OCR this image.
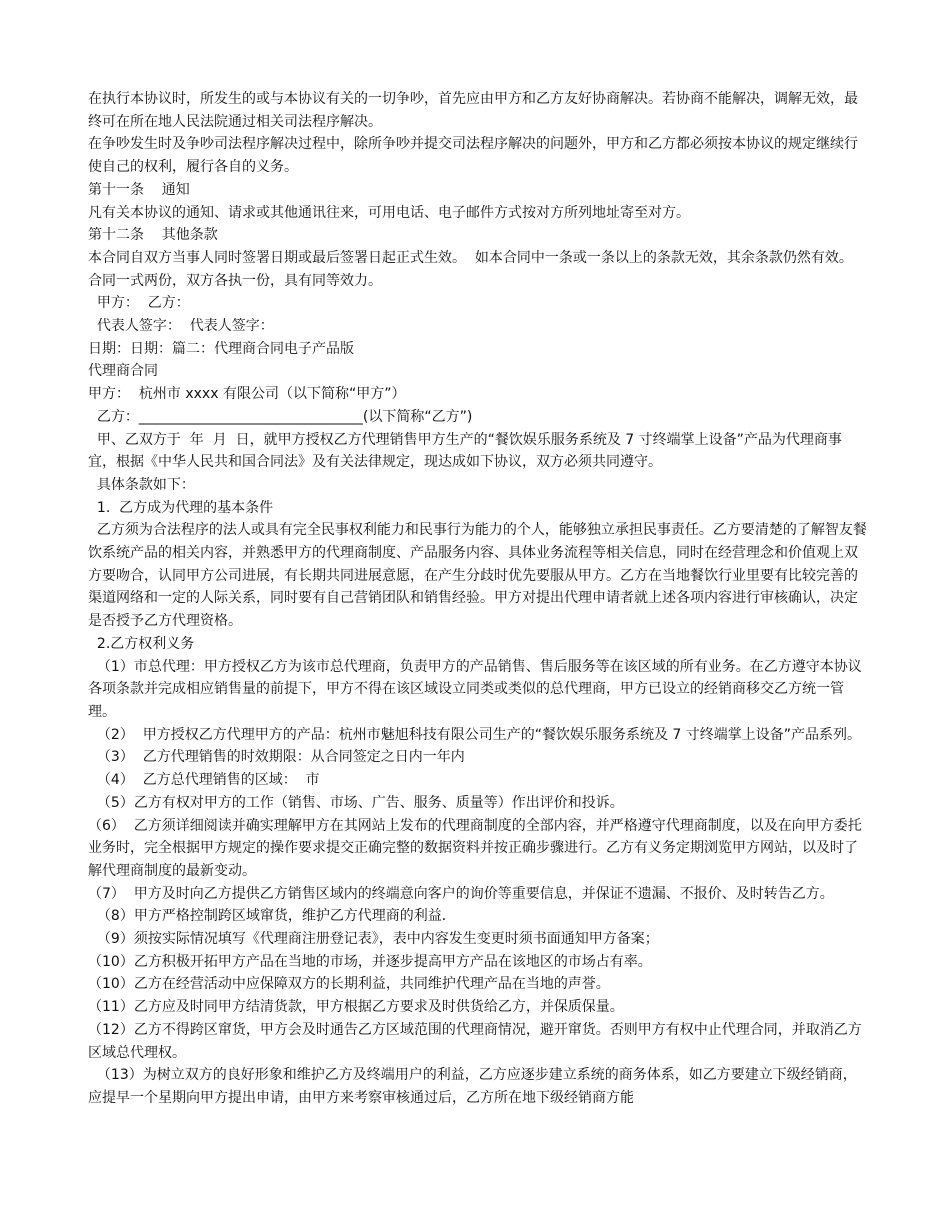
在执行本协议时，所发生的或与本协议有关的一切争吵，首先应由甲方和乙方友好协商解决。若协商不能解决，调解无效，最终可在所在地人民法院通过相关司法程序解决。

在争吵发生时及争吵司法程序解决过程中，除所争吵并提交司法程序解决的问题外，甲方和乙方都必须按本协议的规定继续行使自己的权利，履行各自的义务。

第十一条    通知

凡有关本协议的通知、请求或其他通讯往来，可用电话、电子邮件方式按对方所列地址寄至对方。

第十二条    其他条款

本合同自双方当事人同时签署日期或最后签署日起正式生效。  如本合同中一条或一条以上的条款无效，其余条款仍然有效。  合同一式两份，双方各执一份，具有同等效力。

甲方：  乙方：

代表人签字：  代表人签字：

日期：日期：篇二：代理商合同电子产品版

代理商合同

甲方：  杭州市 xxxx 有限公司（以下简称“甲方”）

乙方：________________________________(以下简称“乙方”)

甲、乙双方于  年  月  日，就甲方授权乙方代理销售甲方生产的“餐饮娱乐服务系统及 7 寸终端掌上设备”产品为代理商事宜，根据《中华人民共和国合同法》及有关法律规定，现达成如下协议，双方必须共同遵守。

具体条款如下：

1.  乙方成为代理的基本条件

乙方须为合法程序的法人或具有完全民事权利能力和民事行为能力的个人，能够独立承担民事责任。乙方要清楚的了解智友餐饮系统产品的相关内容，并熟悉甲方的代理商制度、产品服务内容、具体业务流程等相关信息，同时在经营理念和价值观上双方要吻合，认同甲方公司进展，有长期共同进展意愿，在产生分歧时优先要服从甲方。乙方在当地餐饮行业里要有比较完善的渠道网络和一定的人际关系，同时要有自己营销团队和销售经验。甲方对提出代理申请者就上述各项内容进行审核确认，决定是否授予乙方代理资格。

2.乙方权利义务

（1）市总代理：甲方授权乙方为该市总代理商，负责甲方的产品销售、售后服务等在该区域的所有业务。在乙方遵守本协议各项条款并完成相应销售量的前提下，甲方不得在该区域设立同类或类似的总代理商，甲方已设立的经销商移交乙方统一管理。

（2）  甲方授权乙方代理甲方的产品：杭州市魅旭科技有限公司生产的“餐饮娱乐服务系统及 7 寸终端掌上设备”产品系列。

（3）  乙方代理销售的时效期限：从合同签定之日内一年内

（4）  乙方总代理销售的区域：  市

（5）乙方有权对甲方的工作（销售、市场、广告、服务、质量等）作出评价和投诉。

（6）  乙方须详细阅读并确实理解甲方在其网站上发布的代理商制度的全部内容，并严格遵守代理商制度，以及在向甲方委托业务时，完全根据甲方规定的操作要求提交正确完整的数据资料并按正确步骤进行。乙方有义务定期浏览甲方网站，以及时了解代理商制度的最新变动。

（7）  甲方及时向乙方提供乙方销售区域内的终端意向客户的询价等重要信息，并保证不遗漏、不报价、及时转告乙方。

（8）甲方严格控制跨区域窜货，维护乙方代理商的利益．

（9）须按实际情况填写《代理商注册登记表》，表中内容发生变更时须书面通知甲方备案；

（10）乙方积极开拓甲方产品在当地的市场，并逐步提高甲方产品在该地区的市场占有率。

（10）乙方在经营活动中应保障双方的长期利益，共同维护代理产品在当地的声誉。

（11）乙方应及时同甲方结清货款，甲方根据乙方要求及时供货给乙方，并保质保量。

（12）乙方不得跨区窜货，甲方会及时通告乙方区域范围的代理商情况，避开窜货。否则甲方有权中止代理合同，并取消乙方区域总代理权。

（13）为树立双方的良好形象和维护乙方及终端用户的利益，乙方应逐步建立系统的商务体系，如乙方要建立下级经销商，应提早一个星期向甲方提出申请，由甲方来考察审核通过后，乙方所在地下级经销商方能
